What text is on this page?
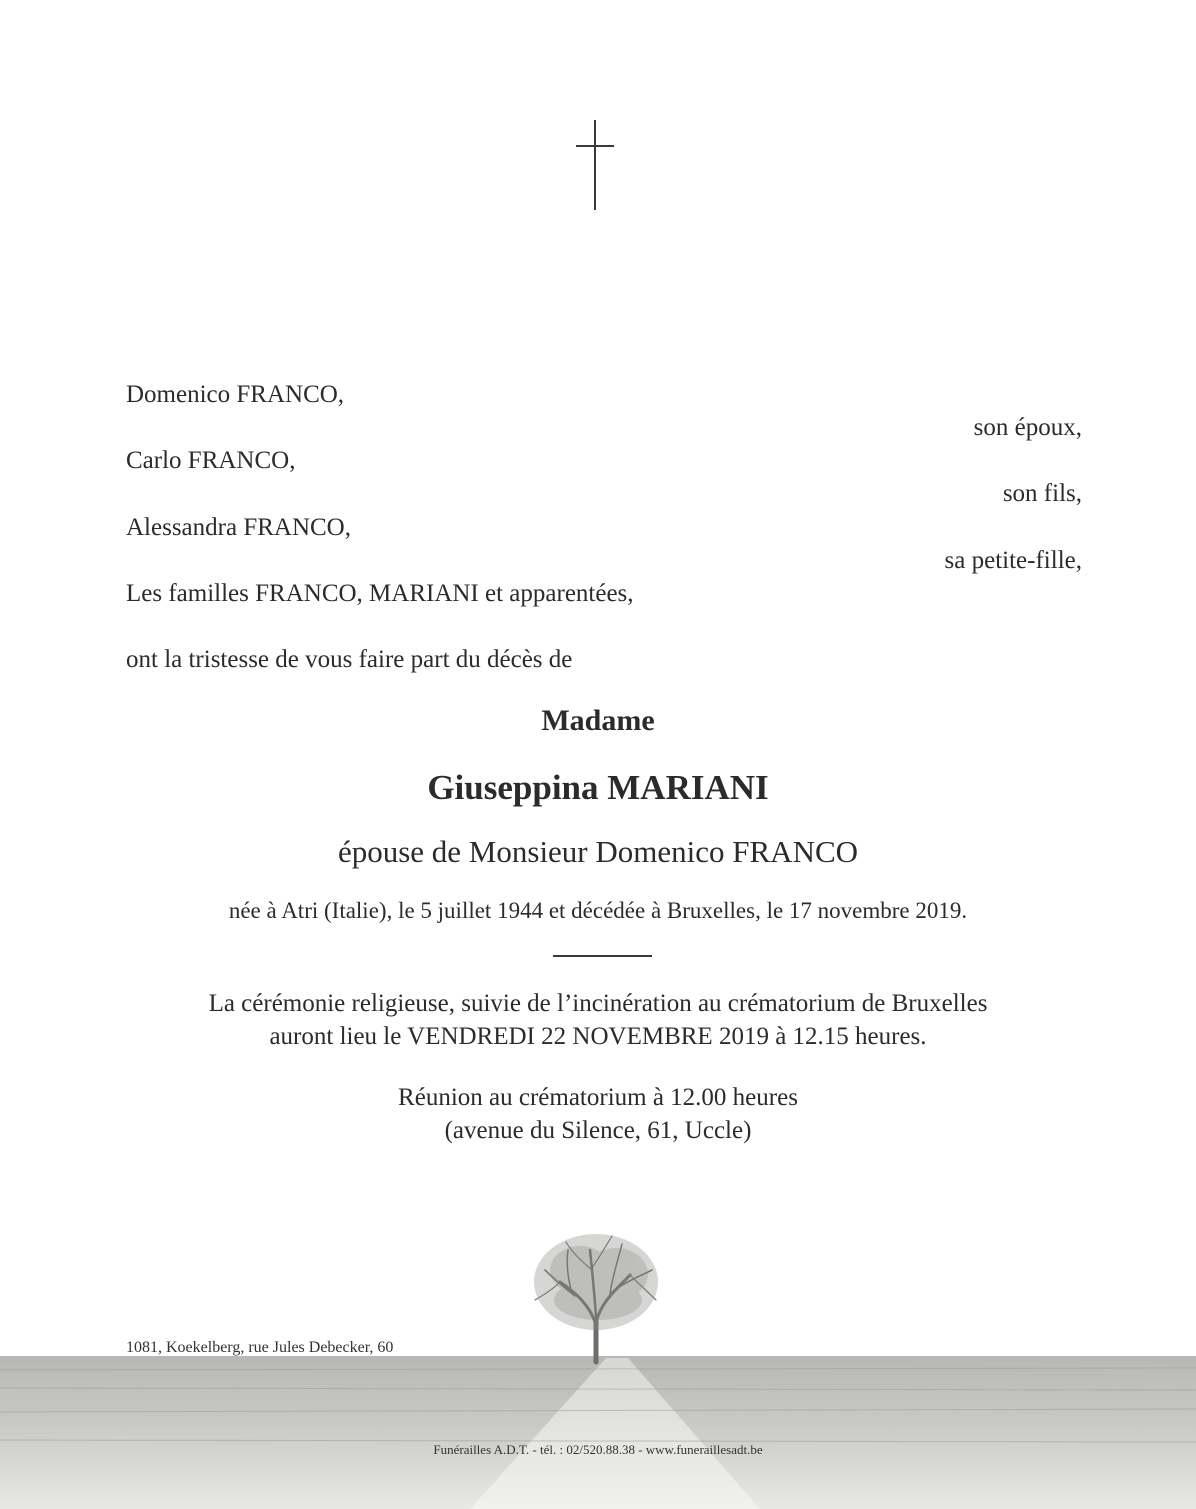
Domenico FRANCO,
son époux,
Carlo FRANCO,
son fils,
Alessandra FRANCO,
sa petite-fille,
Les familles FRANCO, MARIANI et apparentées,
ont la tristesse de vous faire part du décès de
Madame
Giuseppina MARIANI
épouse de Monsieur Domenico FRANCO
née à Atri (Italie), le 5 juillet 1944 et décédée à Bruxelles, le 17 novembre 2019.
La cérémonie religieuse, suivie de l’incinération au crématorium de Bruxelles
auront lieu le VENDREDI 22 NOVEMBRE 2019 à 12.15 heures.
Réunion au crématorium à 12.00 heures
(avenue du Silence, 61, Uccle)
1081, Koekelberg, rue Jules Debecker, 60
Funérailles A.D.T. - tél. : 02/520.88.38 - www.funeraillesadt.be
